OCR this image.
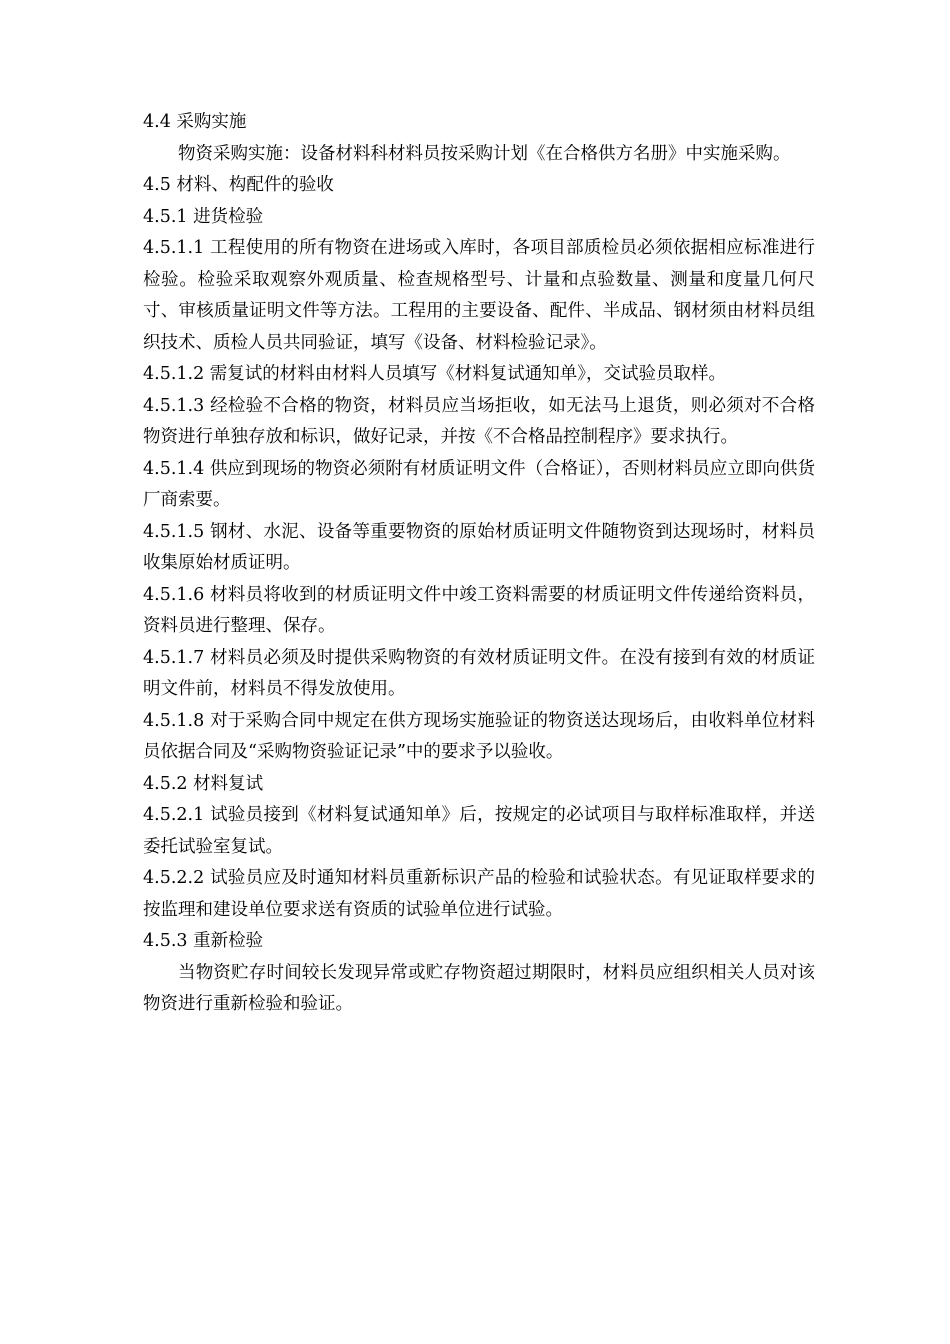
4.4 采购实施

物资采购实施：设备材料科材料员按采购计划《在合格供方名册》中实施采购。

4.5 材料、构配件的验收

4.5.1 进货检验

4.5.1.1 工程使用的所有物资在进场或入库时，各项目部质检员必须依据相应标准进行检验。检验采取观察外观质量、检查规格型号、计量和点验数量、测量和度量几何尺寸、审核质量证明文件等方法。工程用的主要设备、配件、半成品、钢材须由材料员组织技术、质检人员共同验证，填写《设备、材料检验记录》。

4.5.1.2 需复试的材料由材料人员填写《材料复试通知单》，交试验员取样。

4.5.1.3 经检验不合格的物资，材料员应当场拒收，如无法马上退货，则必须对不合格物资进行单独存放和标识，做好记录，并按《不合格品控制程序》要求执行。

4.5.1.4 供应到现场的物资必须附有材质证明文件（合格证），否则材料员应立即向供货厂商索要。

4.5.1.5 钢材、水泥、设备等重要物资的原始材质证明文件随物资到达现场时，材料员收集原始材质证明。

4.5.1.6 材料员将收到的材质证明文件中竣工资料需要的材质证明文件传递给资料员，资料员进行整理、保存。

4.5.1.7 材料员必须及时提供采购物资的有效材质证明文件。在没有接到有效的材质证明文件前，材料员不得发放使用。

4.5.1.8 对于采购合同中规定在供方现场实施验证的物资送达现场后，由收料单位材料员依据合同及“采购物资验证记录”中的要求予以验收。

4.5.2 材料复试

4.5.2.1 试验员接到《材料复试通知单》后，按规定的必试项目与取样标准取样，并送委托试验室复试。

4.5.2.2 试验员应及时通知材料员重新标识产品的检验和试验状态。有见证取样要求的按监理和建设单位要求送有资质的试验单位进行试验。

4.5.3 重新检验

当物资贮存时间较长发现异常或贮存物资超过期限时，材料员应组织相关人员对该物资进行重新检验和验证。
